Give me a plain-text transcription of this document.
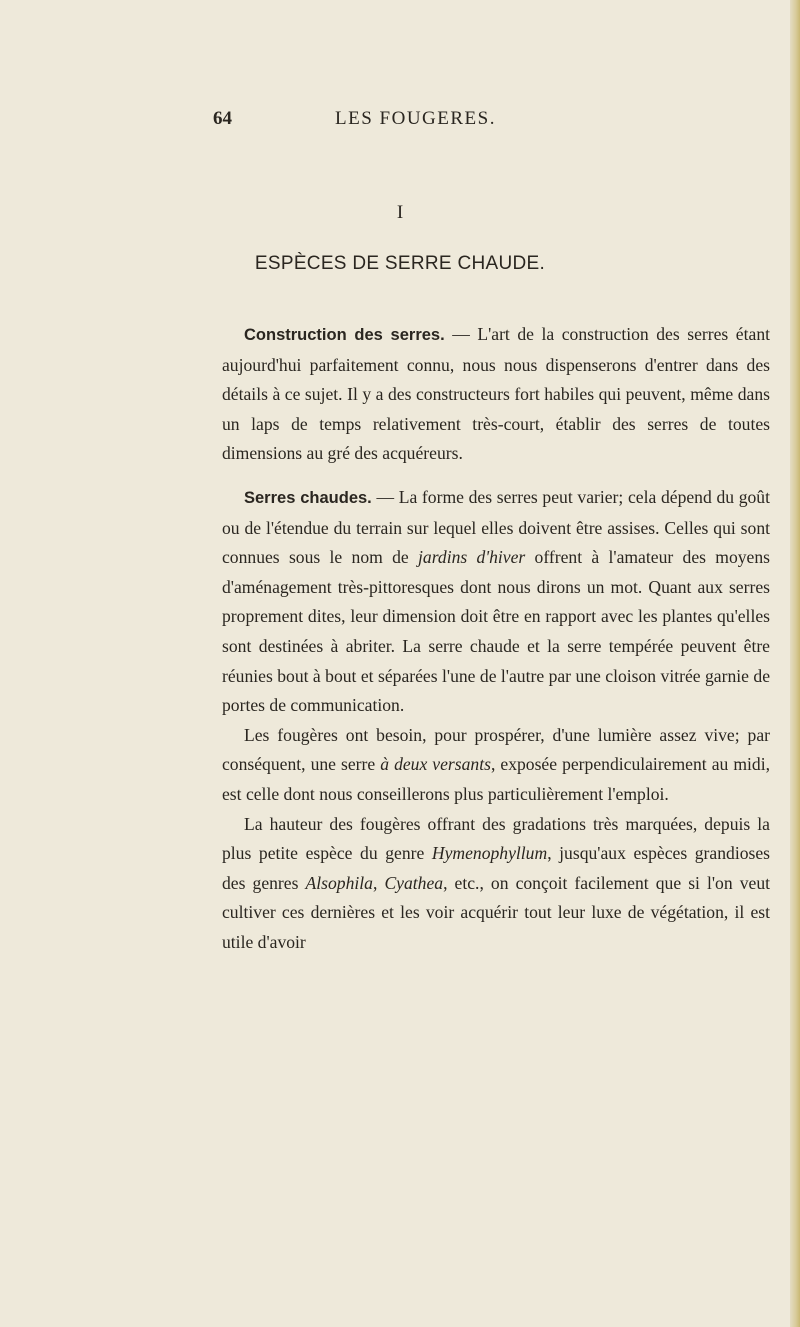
64	LES FOUGERES.
I
ESPÈCES DE SERRE CHAUDE.

Construction des serres. — L'art de la construction des serres étant aujourd'hui parfaitement connu, nous nous dispenserons d'entrer dans des détails à ce sujet. Il y a des constructeurs fort habiles qui peuvent, même dans un laps de temps relativement très-court, établir des serres de toutes dimensions au gré des acquéreurs.

Serres chaudes. — La forme des serres peut varier; cela dépend du goût ou de l'étendue du terrain sur lequel elles doivent être assises. Celles qui sont connues sous le nom de jardins d'hiver offrent à l'amateur des moyens d'aménagement très-pittoresques dont nous dirons un mot. Quant aux serres proprement dites, leur dimension doit être en rapport avec les plantes qu'elles sont destinées à abriter. La serre chaude et la serre tempérée peuvent être réunies bout à bout et séparées l'une de l'autre par une cloison vitrée garnie de portes de communication.

Les fougères ont besoin, pour prospérer, d'une lumière assez vive; par conséquent, une serre à deux versants, exposée perpendiculairement au midi, est celle dont nous conseillerons plus particulièrement l'emploi.

La hauteur des fougères offrant des gradations très marquées, depuis la plus petite espèce du genre Hymenophyllum, jusqu'aux espèces grandioses des genres Alsophila, Cyathea, etc., on conçoit facilement que si l'on veut cultiver ces dernières et les voir acquérir tout leur luxe de végétation, il est utile d'avoir
